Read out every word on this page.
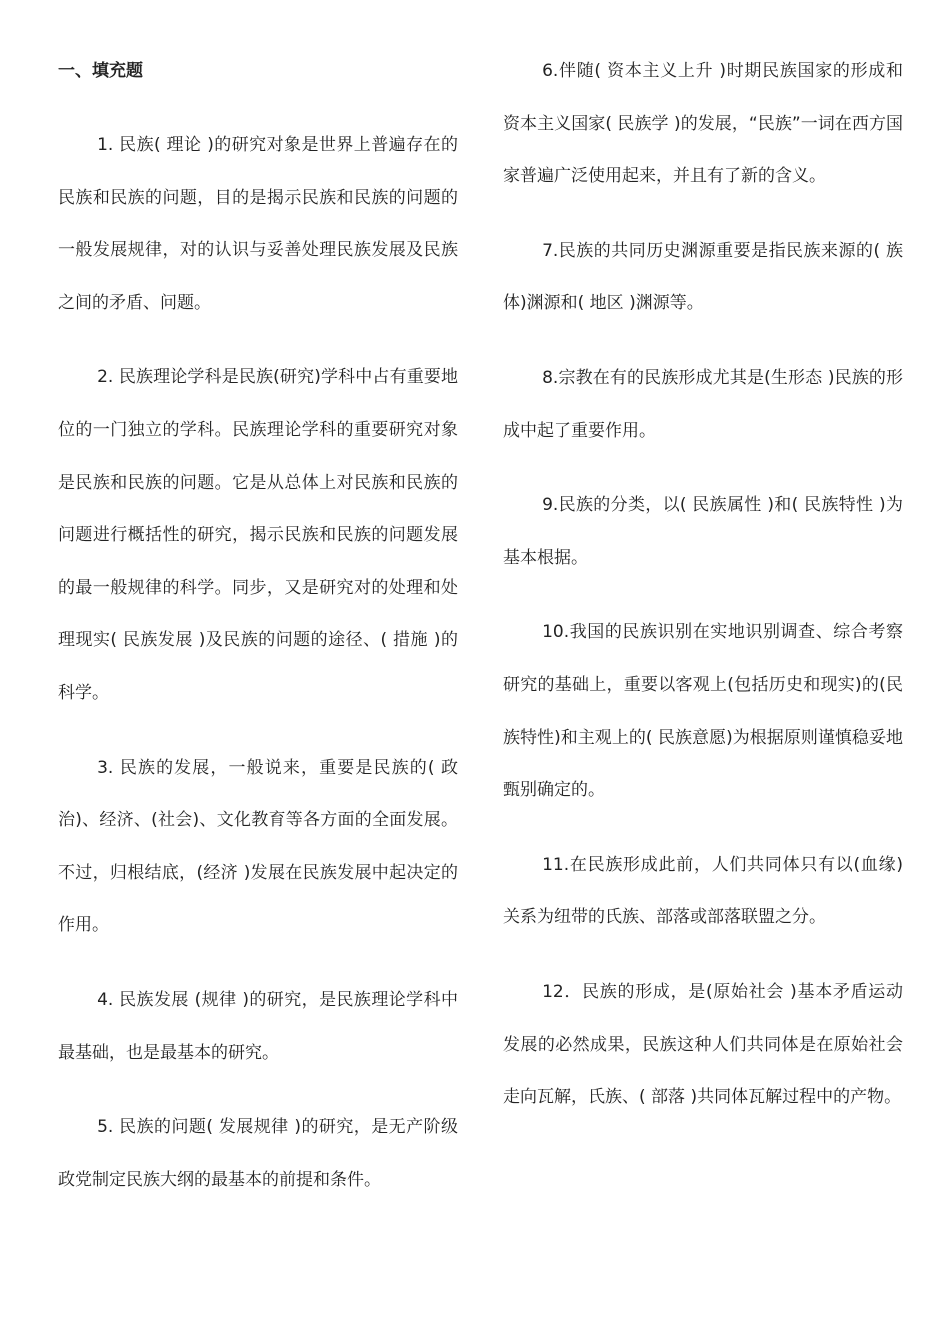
一、填充题

1. 民族( 理论 )的研究对象是世界上普遍存在的民族和民族的问题，目的是揭示民族和民族的问题的一般发展规律，对的认识与妥善处理民族发展及民族之间的矛盾、问题。

2. 民族理论学科是民族(研究)学科中占有重要地位的一门独立的学科。民族理论学科的重要研究对象是民族和民族的问题。它是从总体上对民族和民族的问题进行概括性的研究，揭示民族和民族的问题发展的最一般规律的科学。同步，又是研究对的处理和处理现实( 民族发展 )及民族的问题的途径、( 措施 )的科学。

3. 民族的发展，一般说来，重要是民族的( 政治)、经济、(社会)、文化教育等各方面的全面发展。不过，归根结底，(经济 )发展在民族发展中起决定的作用。

4. 民族发展 (规律 )的研究，是民族理论学科中最基础，也是最基本的研究。

5. 民族的问题( 发展规律 )的研究，是无产阶级政党制定民族大纲的最基本的前提和条件。

6.伴随( 资本主义上升 )时期民族国家的形成和资本主义国家( 民族学 )的发展，“民族”一词在西方国家普遍广泛使用起来，并且有了新的含义。

7.民族的共同历史渊源重要是指民族来源的( 族体)渊源和( 地区 )渊源等。

8.宗教在有的民族形成尤其是(生形态 )民族的形成中起了重要作用。

9.民族的分类，以( 民族属性 )和( 民族特性 )为基本根据。

10.我国的民族识别在实地识别调查、综合考察研究的基础上，重要以客观上(包括历史和现实)的(民族特性)和主观上的( 民族意愿)为根据原则谨慎稳妥地甄别确定的。

11.在民族形成此前，人们共同体只有以(血缘)关系为纽带的氏族、部落或部落联盟之分。

12．民族的形成，是(原始社会 )基本矛盾运动发展的必然成果，民族这种人们共同体是在原始社会走向瓦解，氏族、( 部落 )共同体瓦解过程中的产物。
